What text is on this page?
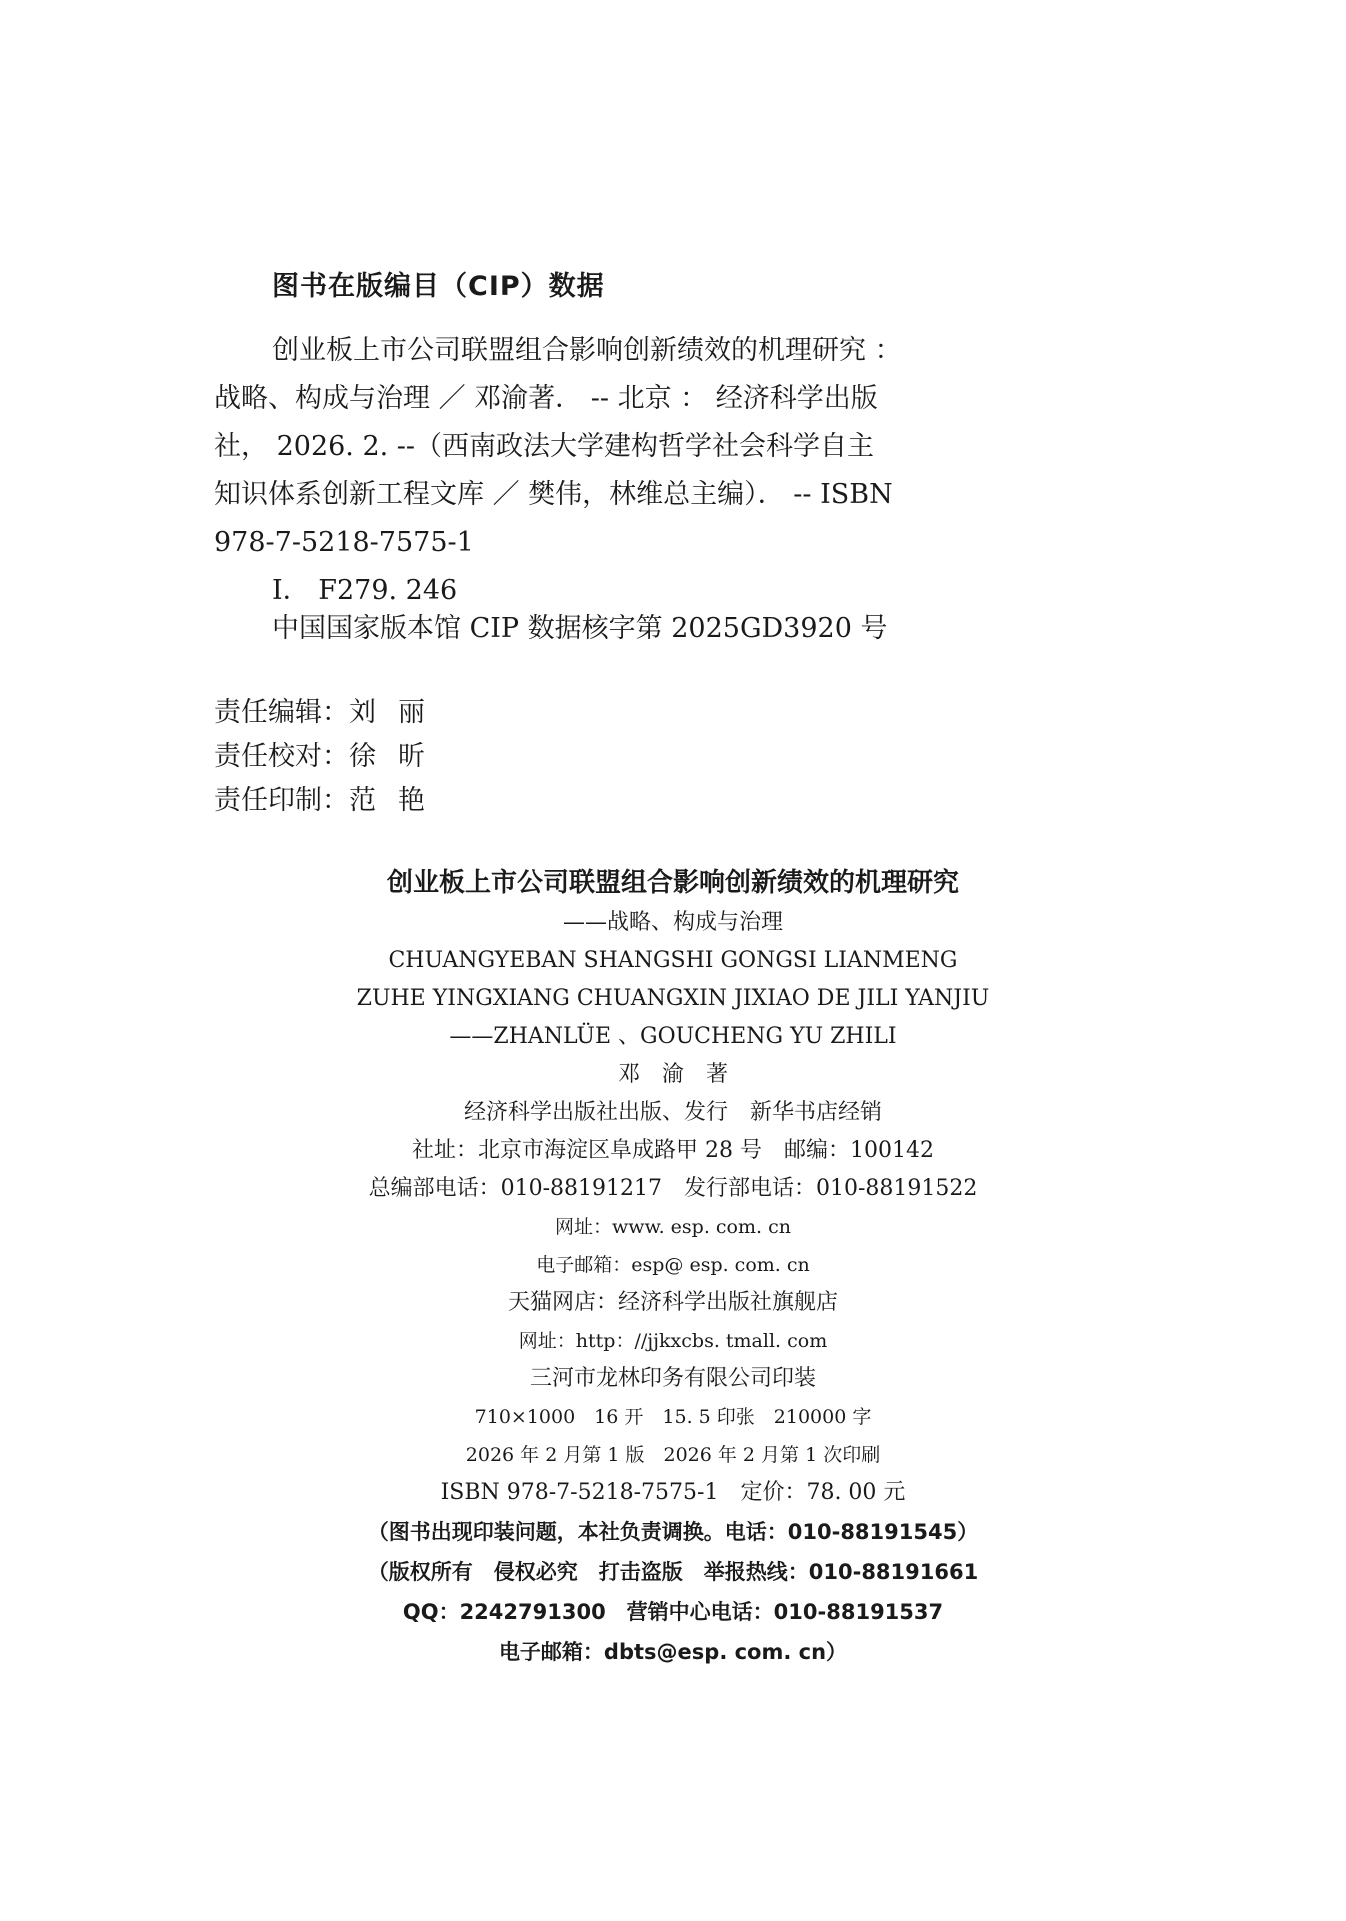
图书在版编目（CIP）数据
创业板上市公司联盟组合影响创新绩效的机理研究 ：
战略、构成与治理 ／ 邓渝著． -- 北京 ： 经济科学出版
社， 2026. 2. --（西南政法大学建构哲学社会科学自主
知识体系创新工程文库 ／ 樊伟，林维总主编）． -- ISBN
978-7-5218-7575-1
Ⅰ． F279. 246
中国国家版本馆 CIP 数据核字第 2025GD3920 号
责任编辑：刘丽
责任校对：徐昕
责任印制：范艳
创业板上市公司联盟组合影响创新绩效的机理研究
——战略、构成与治理
CHUANGYEBAN SHANGSHI GONGSI LIANMENG
ZUHE YINGXIANG CHUANGXIN JIXIAO DE JILI YANJIU
——ZHANLÜE 、GOUCHENG YU ZHILI
邓渝著
经济科学出版社出版、发行　新华书店经销
社址：北京市海淀区阜成路甲 28 号　邮编：100142
总编部电话：010-88191217　发行部电话：010-88191522
网址：www. esp. com. cn
电子邮箱：esp@ esp. com. cn
天猫网店：经济科学出版社旗舰店
网址：http：//jjkxcbs. tmall. com
三河市龙林印务有限公司印装
710×1000　16 开　15. 5 印张　210000 字
2026 年 2 月第 1 版　2026 年 2 月第 1 次印刷
ISBN 978-7-5218-7575-1　定价：78. 00 元
（图书出现印装问题，本社负责调换。电话：010-88191545）
（版权所有　侵权必究　打击盗版　举报热线：010-88191661
QQ：2242791300　营销中心电话：010-88191537
电子邮箱：dbts@esp. com. cn）
